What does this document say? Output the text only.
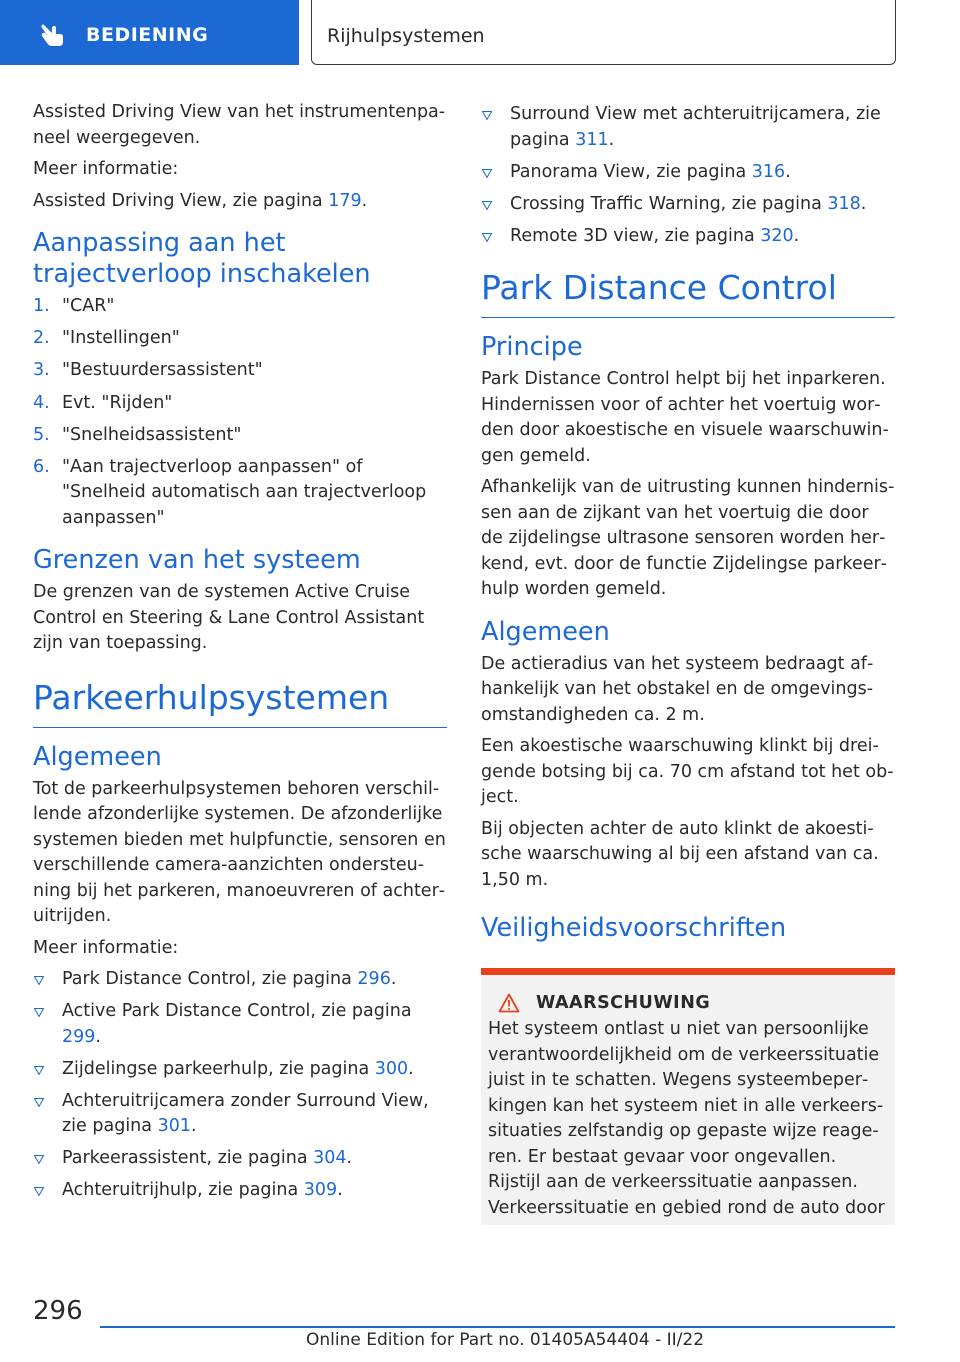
BEDIENING	Rijhulpsystemen

Assisted Driving View van het instrumentenpaneel weergegeven.

Meer informatie:

Assisted Driving View, zie pagina 179.

Aanpassing aan het trajectverloop inschakelen
1. "CAR"
2. "Instellingen"
3. "Bestuurdersassistent"
4. Evt. "Rijden"
5. "Snelheidsassistent"
6. "Aan trajectverloop aanpassen" of "Snelheid automatisch aan trajectverloop aanpassen"
Grenzen van het systeem

De grenzen van de systemen Active Cruise Control en Steering & Lane Control Assistant zijn van toepassing.

Parkeerhulpsystemen
Algemeen

Tot de parkeerhulpsystemen behoren verschillende afzonderlijke systemen. De afzonderlijke systemen bieden met hulpfunctie, sensoren en verschillende camera-aanzichten ondersteuning bij het parkeren, manoeuvreren of achteruitrijden.

Meer informatie:

Park Distance Control, zie pagina 296.
Active Park Distance Control, zie pagina 299.
Zijdelingse parkeerhulp, zie pagina 300.
Achteruitrijcamera zonder Surround View, zie pagina 301.
Parkeerassistent, zie pagina 304.
Achteruitrijhulp, zie pagina 309.
Surround View met achteruitrijcamera, zie pagina 311.
Panorama View, zie pagina 316.
Crossing Traffic Warning, zie pagina 318.
Remote 3D view, zie pagina 320.
Park Distance Control
Principe

Park Distance Control helpt bij het inparkeren. Hindernissen voor of achter het voertuig worden door akoestische en visuele waarschuwingen gemeld.

Afhankelijk van de uitrusting kunnen hindernissen aan de zijkant van het voertuig die door de zijdelingse ultrasone sensoren worden herkend, evt. door de functie Zijdelingse parkeerhulp worden gemeld.

Algemeen

De actieradius van het systeem bedraagt afhankelijk van het obstakel en de omgevingsomstandigheden ca. 2 m.

Een akoestische waarschuwing klinkt bij dreigende botsing bij ca. 70 cm afstand tot het object.

Bij objecten achter de auto klinkt de akoestische waarschuwing al bij een afstand van ca. 1,50 m.

Veiligheidsvoorschriften
WAARSCHUWING

Het systeem ontlast u niet van persoonlijke verantwoordelijkheid om de verkeerssituatie juist in te schatten. Wegens systeembeperkingen kan het systeem niet in alle verkeerssituaties zelfstandig op gepaste wijze reageren. Er bestaat gevaar voor ongevallen. Rijstijl aan de verkeerssituatie aanpassen. Verkeerssituatie en gebied rond de auto door

296
Online Edition for Part no. 01405A54404 - II/22
